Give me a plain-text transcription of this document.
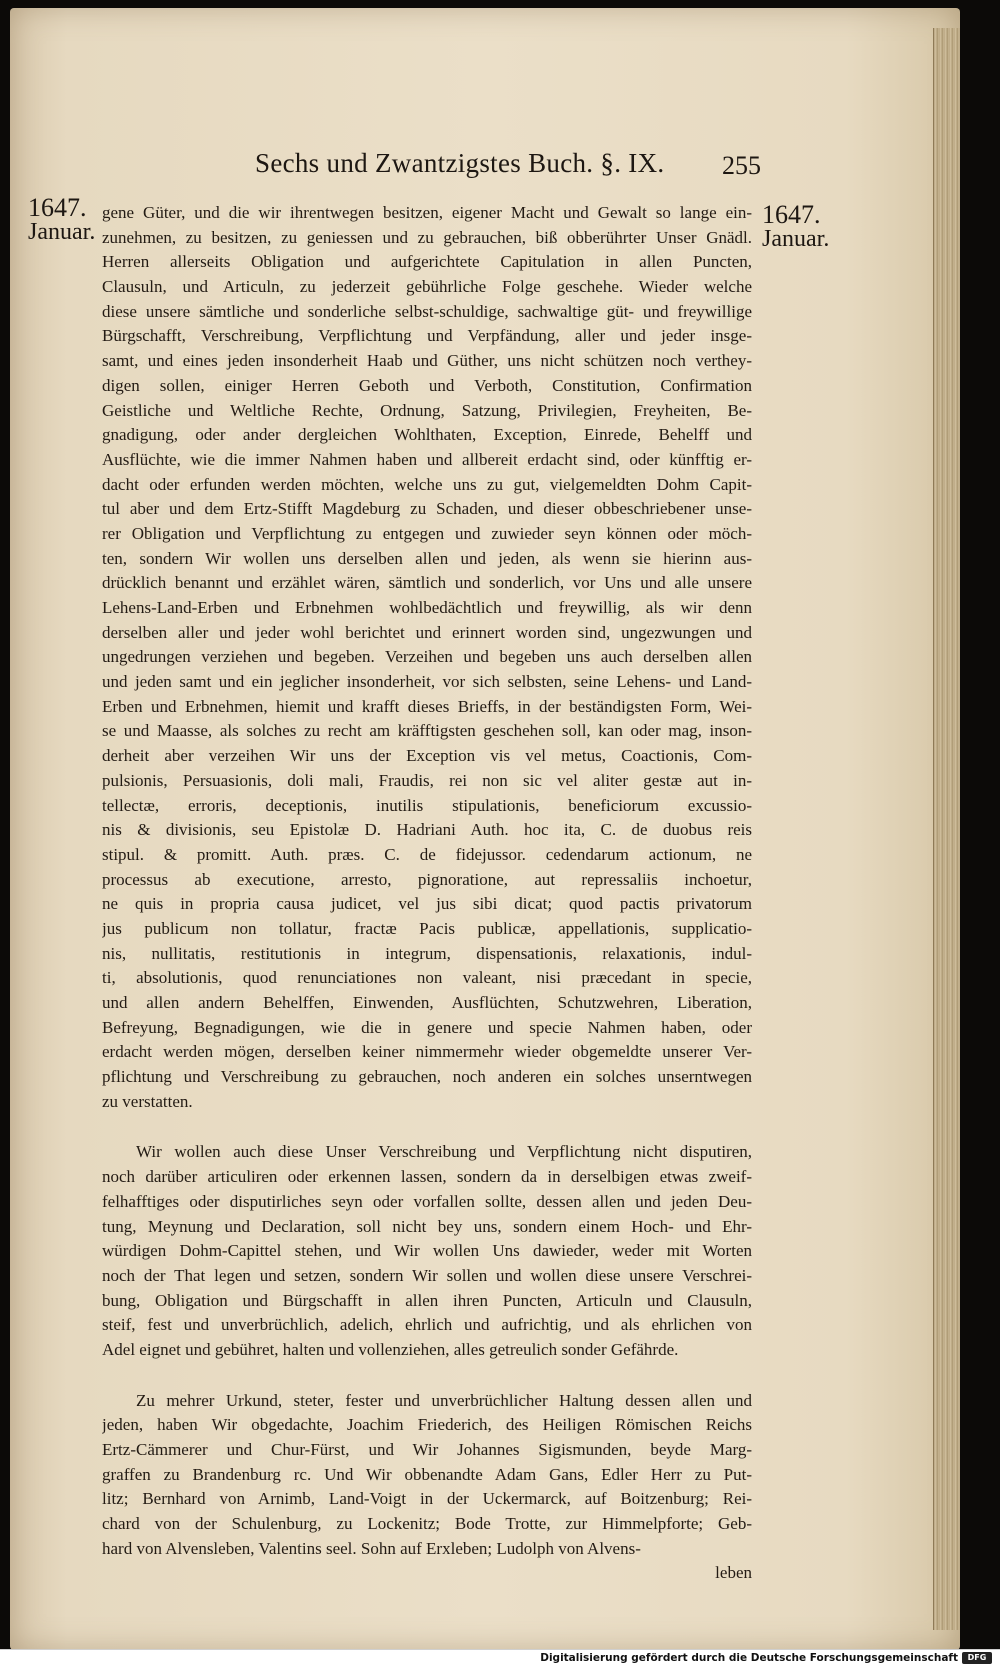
Sechs und Zwantzigstes Buch. §. IX. 255
1647.
Januar.
1647.
Januar.
gene Güter, und die wir ihrentwegen besitzen, eigener Macht und Gewalt so lange ein-
zunehmen, zu besitzen, zu geniessen und zu gebrauchen, biß obberührter Unser Gnädl.
Herren allerseits Obligation und aufgerichtete Capitulation in allen Puncten,
Clausuln, und Articuln, zu jederzeit gebührliche Folge geschehe. Wieder welche
diese unsere sämtliche und sonderliche selbst-schuldige, sachwaltige güt- und freywillige
Bürgschafft, Verschreibung, Verpflichtung und Verpfändung, aller und jeder insge-
samt, und eines jeden insonderheit Haab und Güther, uns nicht schützen noch verthey-
digen sollen, einiger Herren Geboth und Verboth, Constitution, Confirmation
Geistliche und Weltliche Rechte, Ordnung, Satzung, Privilegien, Freyheiten, Be-
gnadigung, oder ander dergleichen Wohlthaten, Exception, Einrede, Behelff und
Ausflüchte, wie die immer Nahmen haben und allbereit erdacht sind, oder künfftig er-
dacht oder erfunden werden möchten, welche uns zu gut, vielgemeldten Dohm Capit-
tul aber und dem Ertz-Stifft Magdeburg zu Schaden, und dieser obbeschriebener unse-
rer Obligation und Verpflichtung zu entgegen und zuwieder seyn können oder möch-
ten, sondern Wir wollen uns derselben allen und jeden, als wenn sie hierinn aus-
drücklich benannt und erzählet wären, sämtlich und sonderlich, vor Uns und alle unsere
Lehens-Land-Erben und Erbnehmen wohlbedächtlich und freywillig, als wir denn
derselben aller und jeder wohl berichtet und erinnert worden sind, ungezwungen und
ungedrungen verziehen und begeben. Verzeihen und begeben uns auch derselben allen
und jeden samt und ein jeglicher insonderheit, vor sich selbsten, seine Lehens- und Land-
Erben und Erbnehmen, hiemit und krafft dieses Brieffs, in der beständigsten Form, Wei-
se und Maasse, als solches zu recht am kräfftigsten geschehen soll, kan oder mag, inson-
derheit aber verzeihen Wir uns der Exception vis vel metus, Coactionis, Com-
pulsionis, Persuasionis, doli mali, Fraudis, rei non sic vel aliter gestæ aut in-
tellectæ, erroris, deceptionis, inutilis stipulationis, beneficiorum excussio-
nis & divisionis, seu Epistolæ D. Hadriani Auth. hoc ita, C. de duobus reis
stipul. & promitt. Auth. præs. C. de fidejussor. cedendarum actionum, ne
processus ab executione, arresto, pignoratione, aut repressaliis inchoetur,
ne quis in propria causa judicet, vel jus sibi dicat; quod pactis privatorum
jus publicum non tollatur, fractæ Pacis publicæ, appellationis, supplicatio-
nis, nullitatis, restitutionis in integrum, dispensationis, relaxationis, indul-
ti, absolutionis, quod renunciationes non valeant, nisi præcedant in specie,
und allen andern Behelffen, Einwenden, Ausflüchten, Schutzwehren, Liberation,
Befreyung, Begnadigungen, wie die in genere und specie Nahmen haben, oder
erdacht werden mögen, derselben keiner nimmermehr wieder obgemeldte unserer Ver-
pflichtung und Verschreibung zu gebrauchen, noch anderen ein solches unserntwegen
zu verstatten.
Wir wollen auch diese Unser Verschreibung und Verpflichtung nicht disputiren,
noch darüber articuliren oder erkennen lassen, sondern da in derselbigen etwas zweif-
felhafftiges oder disputirliches seyn oder vorfallen sollte, dessen allen und jeden Deu-
tung, Meynung und Declaration, soll nicht bey uns, sondern einem Hoch- und Ehr-
würdigen Dohm-Capittel stehen, und Wir wollen Uns dawieder, weder mit Worten
noch der That legen und setzen, sondern Wir sollen und wollen diese unsere Verschrei-
bung, Obligation und Bürgschafft in allen ihren Puncten, Articuln und Clausuln,
steif, fest und unverbrüchlich, adelich, ehrlich und aufrichtig, und als ehrlichen von
Adel eignet und gebühret, halten und vollenziehen, alles getreulich sonder Gefährde.
Zu mehrer Urkund, steter, fester und unverbrüchlicher Haltung dessen allen und
jeden, haben Wir obgedachte, Joachim Friederich, des Heiligen Römischen Reichs
Ertz-Cämmerer und Chur-Fürst, und Wir Johannes Sigismunden, beyde Marg-
graffen zu Brandenburg rc. Und Wir obbenandte Adam Gans, Edler Herr zu Put-
litz; Bernhard von Arnimb, Land-Voigt in der Uckermarck, auf Boitzenburg; Rei-
chard von der Schulenburg, zu Lockenitz; Bode Trotte, zur Himmelpforte; Geb-
hard von Alvensleben, Valentins seel. Sohn auf Erxleben; Ludolph von Alvens-
leben
Digitalisierung gefördert durch die Deutsche Forschungsgemeinschaft	DFG
